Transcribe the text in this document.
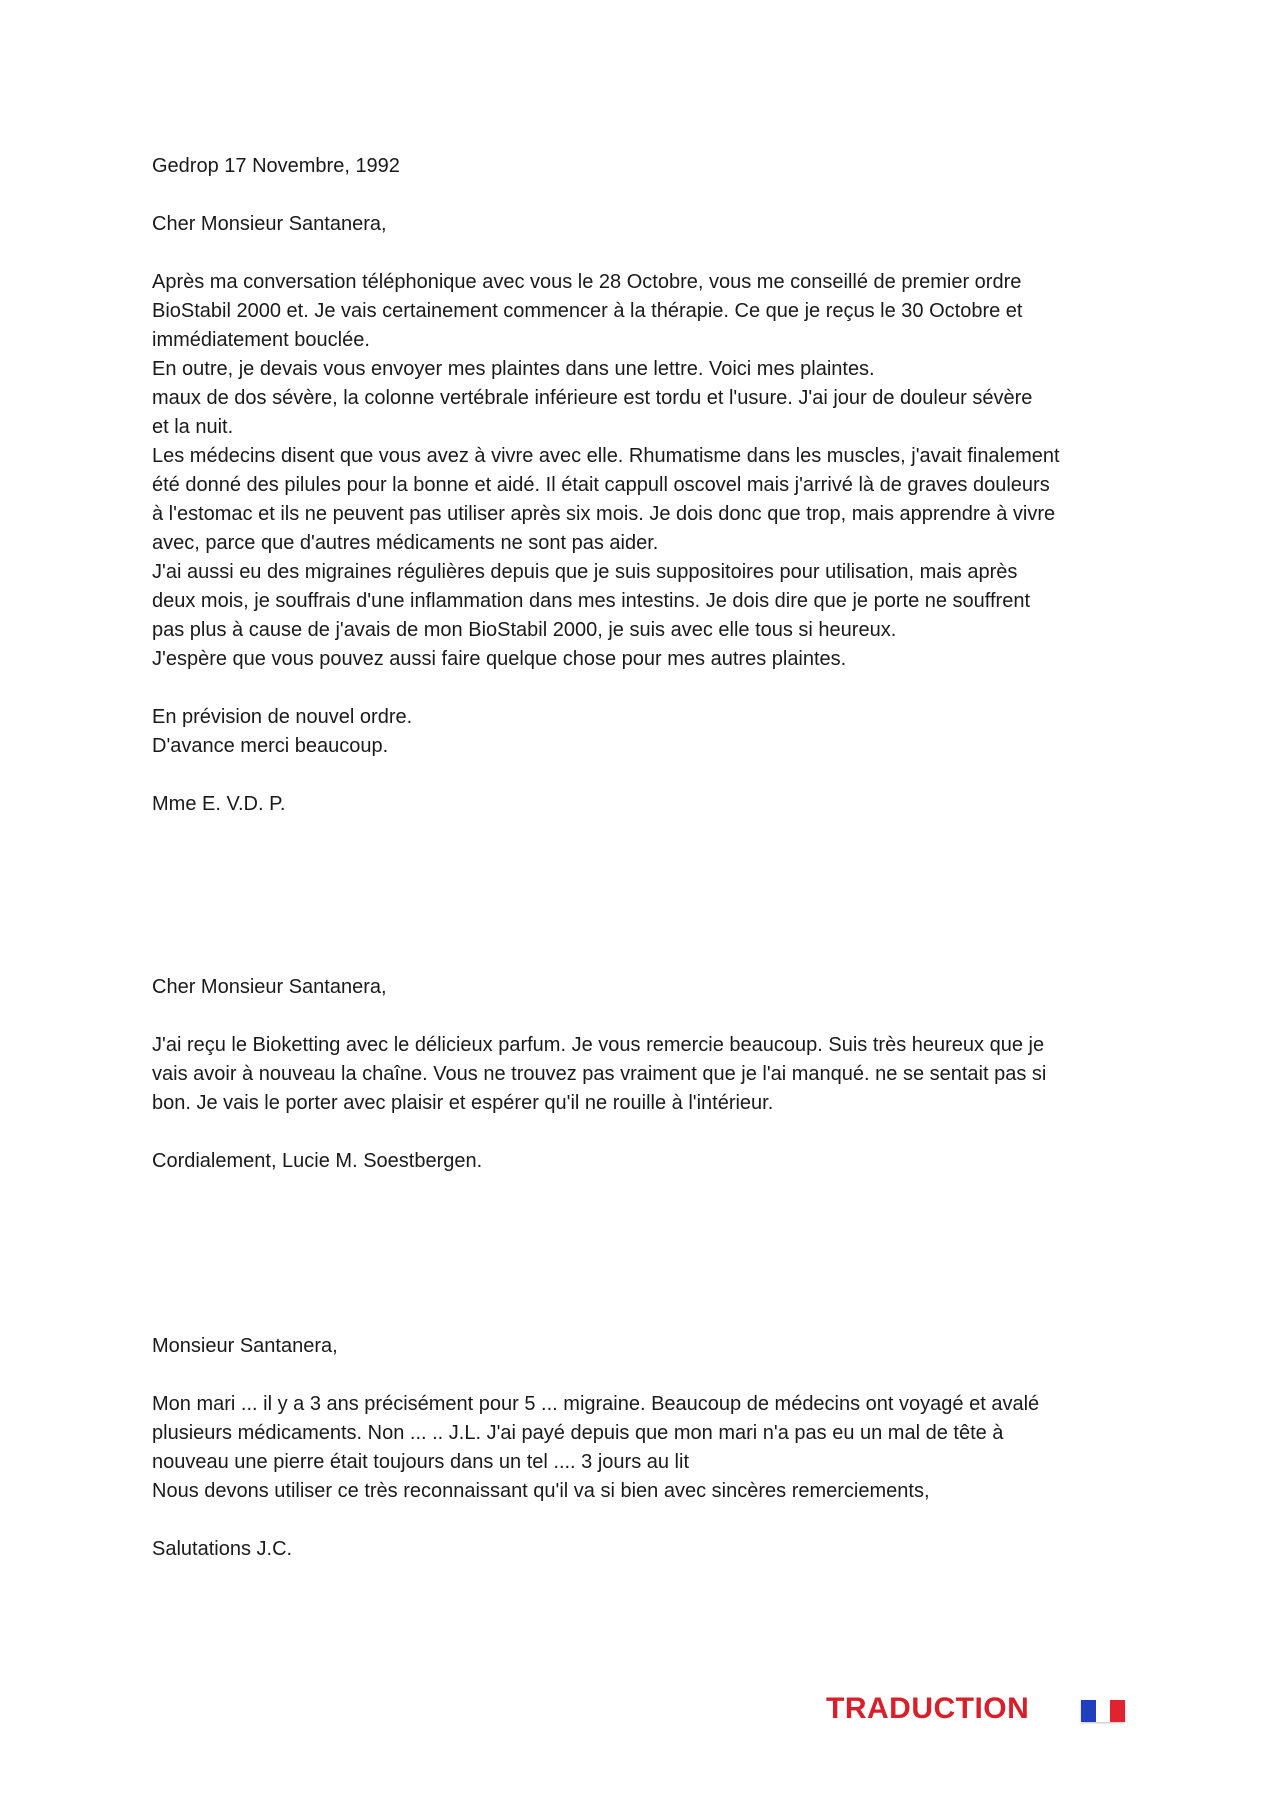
Gedrop 17 Novembre, 1992

Cher Monsieur Santanera,

Après ma conversation téléphonique avec vous le 28 Octobre, vous me conseillé de premier ordre

BioStabil 2000 et. Je vais certainement commencer à la thérapie. Ce que je reçus le 30 Octobre et

immédiatement bouclée.

En outre, je devais vous envoyer mes plaintes dans une lettre. Voici mes plaintes.

maux de dos sévère, la colonne vertébrale inférieure est tordu et l'usure. J'ai jour de douleur sévère

et la nuit.

Les médecins disent que vous avez à vivre avec elle. Rhumatisme dans les muscles, j'avait finalement

été donné des pilules pour la bonne et aidé. Il était cappull oscovel mais j'arrivé là de graves douleurs

à l'estomac et ils ne peuvent pas utiliser après six mois. Je dois donc que trop, mais apprendre à vivre

avec, parce que d'autres médicaments ne sont pas aider.

J'ai aussi eu des migraines régulières depuis que je suis suppositoires pour utilisation, mais après

deux mois, je souffrais d'une inflammation dans mes intestins. Je dois dire que je porte ne souffrent

pas plus à cause de j'avais de mon BioStabil 2000, je suis avec elle tous si heureux.

J'espère que vous pouvez aussi faire quelque chose pour mes autres plaintes.

En prévision de nouvel ordre.

D'avance merci beaucoup.

Mme E. V.D. P.

Cher Monsieur Santanera,

J'ai reçu le Bioketting avec le délicieux parfum. Je vous remercie beaucoup. Suis très heureux que je

vais avoir à nouveau la chaîne. Vous ne trouvez pas vraiment que je l'ai manqué. ne se sentait pas si

bon. Je vais le porter avec plaisir et espérer qu'il ne rouille à l'intérieur.

Cordialement, Lucie M. Soestbergen.

Monsieur Santanera,

Mon mari ... il y a 3 ans précisément pour 5 ... migraine. Beaucoup de médecins ont voyagé et avalé

plusieurs médicaments. Non ... .. J.L. J'ai payé depuis que mon mari n'a pas eu un mal de tête à

nouveau une pierre était toujours dans un tel .... 3 jours au lit

Nous devons utiliser ce très reconnaissant qu'il va si bien avec sincères remerciements,

Salutations J.C.

TRADUCTION
